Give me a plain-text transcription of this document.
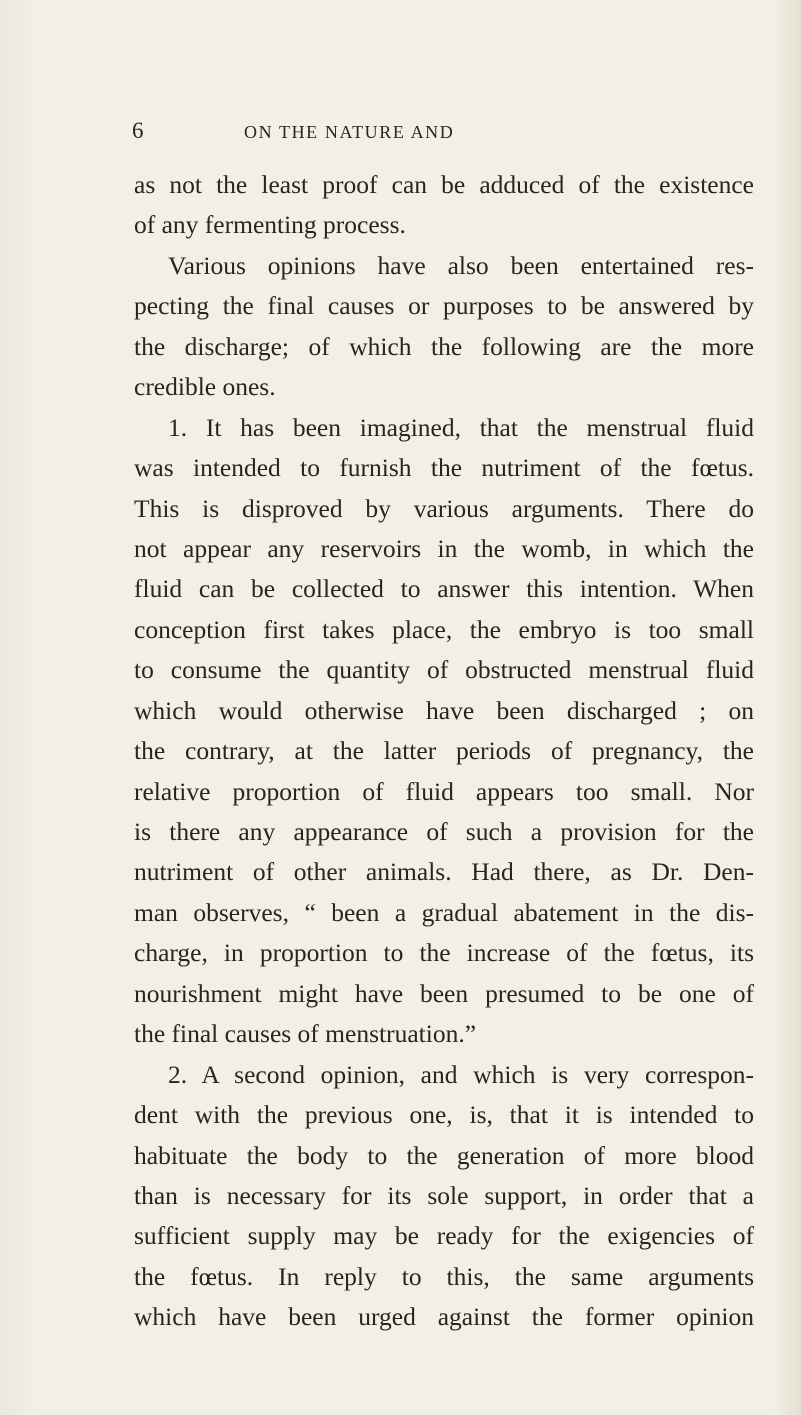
6	ON THE NATURE AND
as not the least proof can be adduced of the existence
of any fermenting process.
Various opinions have also been entertained res-
pecting the final causes or purposes to be answered by
the discharge; of which the following are the more
credible ones.
1. It has been imagined, that the menstrual fluid
was intended to furnish the nutriment of the fœtus.
This is disproved by various arguments. There do
not appear any reservoirs in the womb, in which the
fluid can be collected to answer this intention. When
conception first takes place, the embryo is too small
to consume the quantity of obstructed menstrual fluid
which would otherwise have been discharged ; on
the contrary, at the latter periods of pregnancy, the
relative proportion of fluid appears too small. Nor
is there any appearance of such a provision for the
nutriment of other animals. Had there, as Dr. Den-
man observes, “ been a gradual abatement in the dis-
charge, in proportion to the increase of the fœtus, its
nourishment might have been presumed to be one of
the final causes of menstruation.”
2. A second opinion, and which is very correspon-
dent with the previous one, is, that it is intended to
habituate the body to the generation of more blood
than is necessary for its sole support, in order that a
sufficient supply may be ready for the exigencies of
the fœtus. In reply to this, the same arguments
which have been urged against the former opinion
